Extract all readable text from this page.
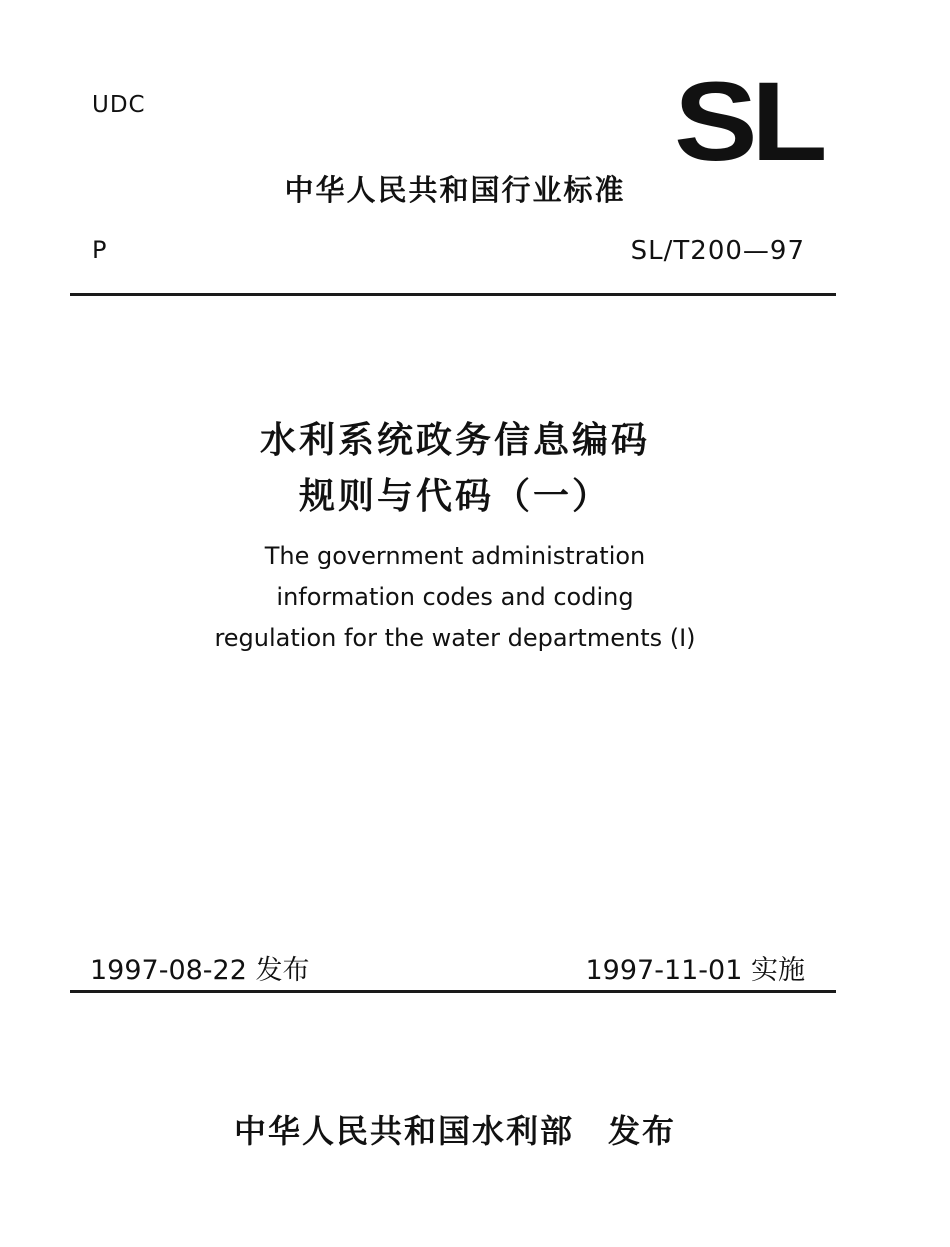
UDC	SL
中华人民共和国行业标准
P	SL/T200—97
水利系统政务信息编码
规则与代码（一）
The government administration
information codes and coding
regulation for the water departments (I)
1997-08-22 发布	1997-11-01 实施
中华人民共和国水利部　发布
